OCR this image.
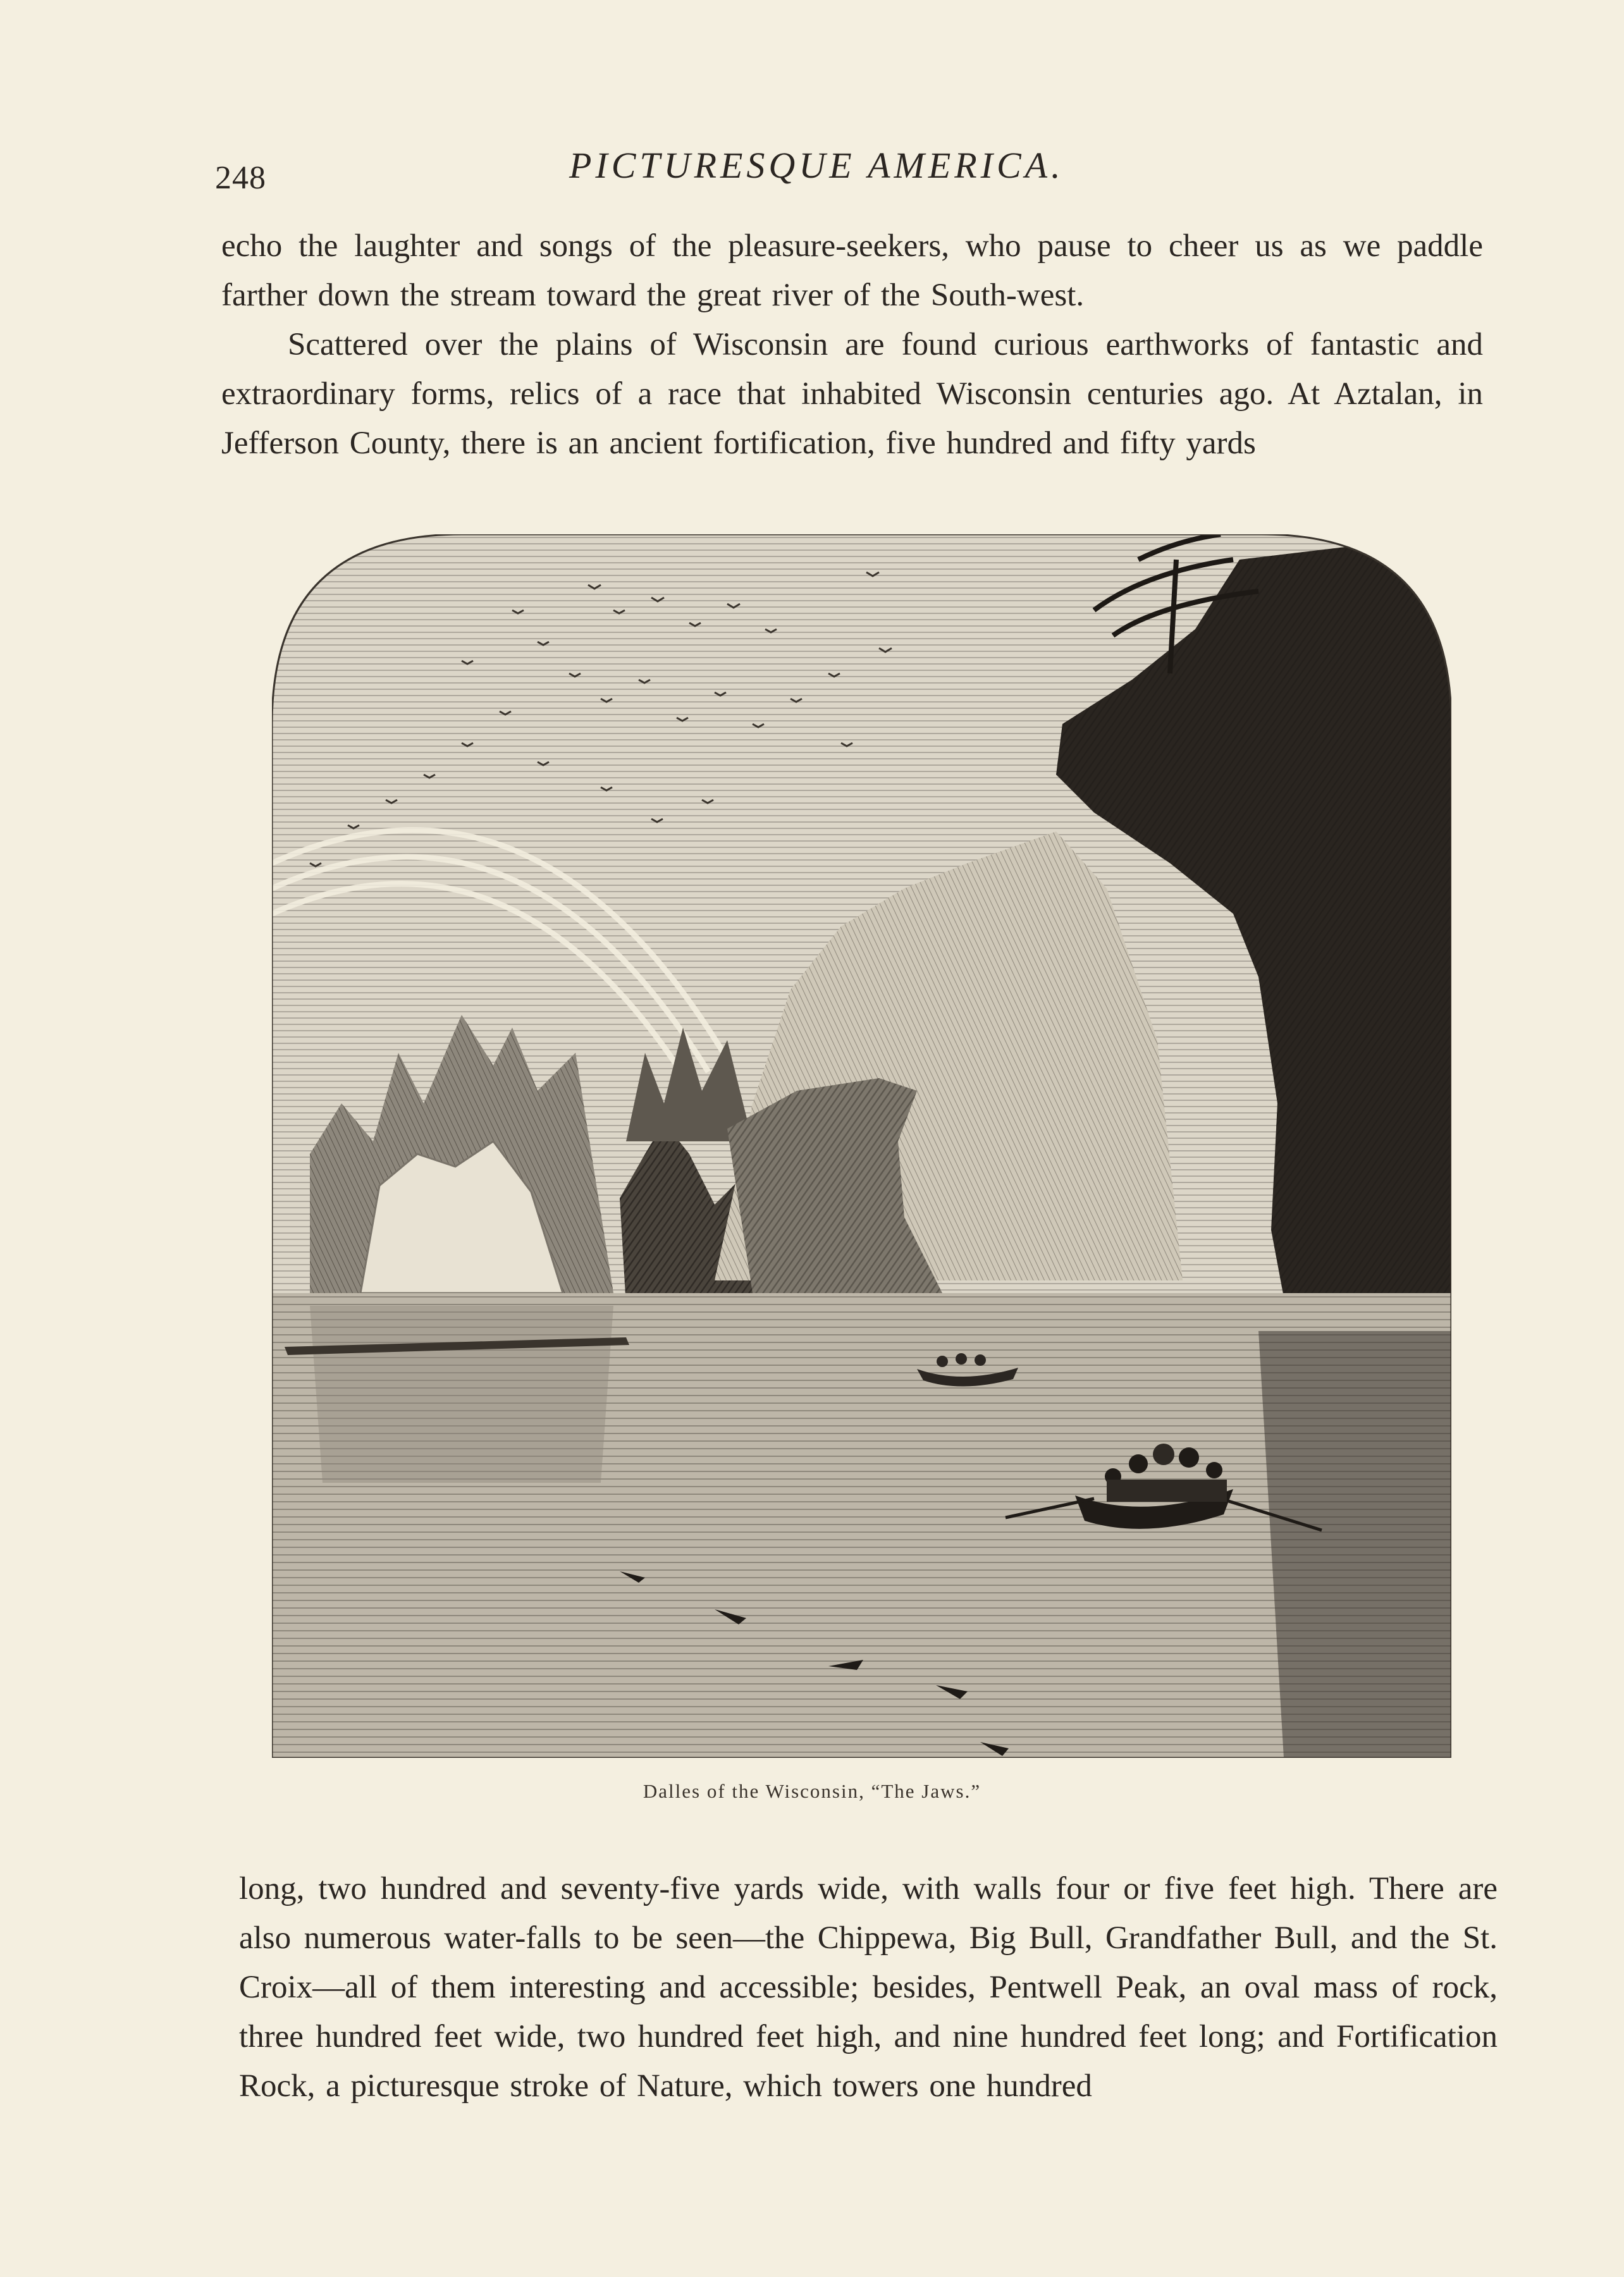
248	PICTURESQUE AMERICA.

echo the laughter and songs of the pleasure-seekers, who pause to cheer us as we paddle farther down the stream toward the great river of the South-west.

Scattered over the plains of Wisconsin are found curious earthworks of fantastic and extraordinary forms, relics of a race that inhabited Wisconsin centuries ago. At Aztalan, in Jefferson County, there is an ancient fortification, five hundred and fifty yards

Dalles of the Wisconsin, “The Jaws.”

long, two hundred and seventy-five yards wide, with walls four or five feet high. There are also numerous water-falls to be seen—the Chippewa, Big Bull, Grandfather Bull, and the St. Croix—all of them interesting and accessible; besides, Pentwell Peak, an oval mass of rock, three hundred feet wide, two hundred feet high, and nine hundred feet long; and Fortification Rock, a picturesque stroke of Nature, which towers one hundred
